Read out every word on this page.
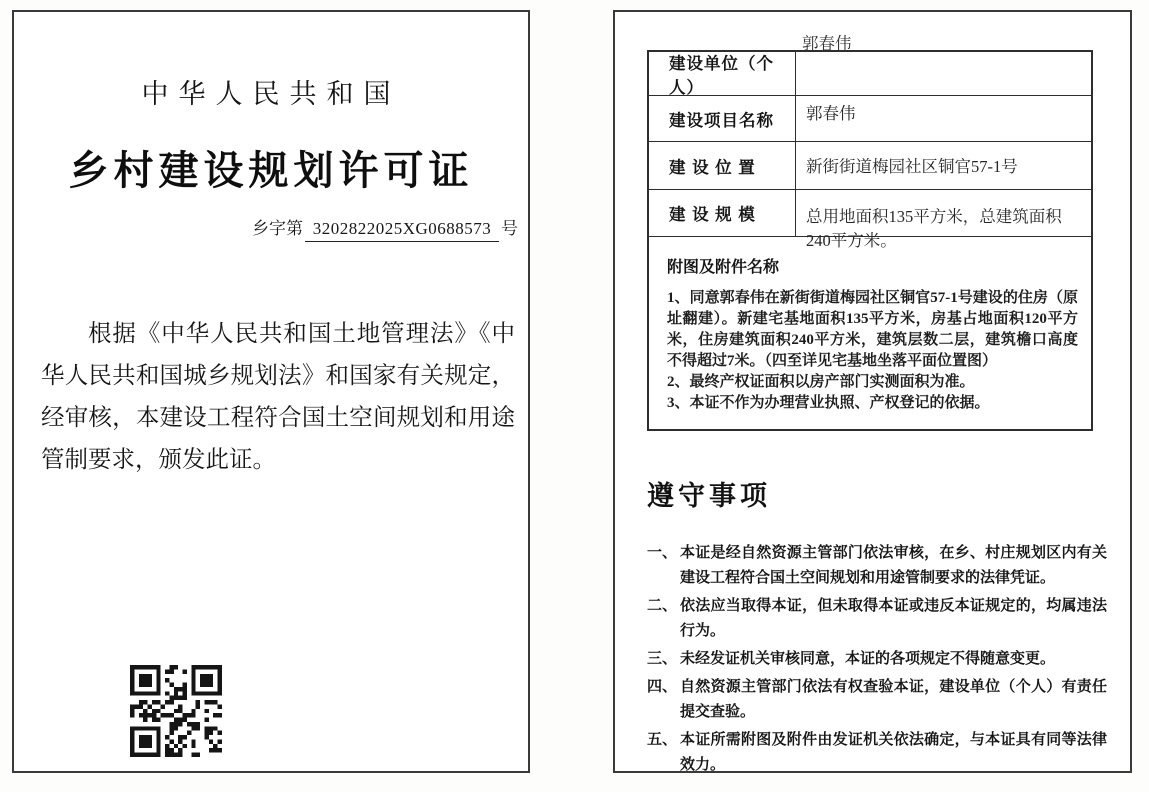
中华人民共和国
乡村建设规划许可证
乡字第 3202822025XG0688573 号

根据《中华人民共和国土地管理法》《中华人民共和国城乡规划法》和国家有关规定，经审核，本建设工程符合国土空间规划和用途管制要求，颁发此证。

建设单位（个人）
郭春伟
建设项目名称	郭春伟
建 设 位 置	新街街道梅园社区铜官57-1号
建 设 规 模	总用地面积135平方米，总建筑面积240平方米。
附图及附件名称

1、同意郭春伟在新街街道梅园社区铜官57-1号建设的住房（原址翻建）。新建宅基地面积135平方米，房基占地面积120平方米，住房建筑面积240平方米，建筑层数二层，建筑檐口高度不得超过7米。（四至详见宅基地坐落平面位置图）

2、最终产权证面积以房产部门实测面积为准。

3、本证不作为办理营业执照、产权登记的依据。

遵守事项
一、 本证是经自然资源主管部门依法审核，在乡、村庄规划区内有关建设工程符合国土空间规划和用途管制要求的法律凭证。
二、 依法应当取得本证，但未取得本证或违反本证规定的，均属违法行为。
三、 未经发证机关审核同意，本证的各项规定不得随意变更。
四、 自然资源主管部门依法有权查验本证，建设单位（个人）有责任提交查验。
五、 本证所需附图及附件由发证机关依法确定，与本证具有同等法律效力。
